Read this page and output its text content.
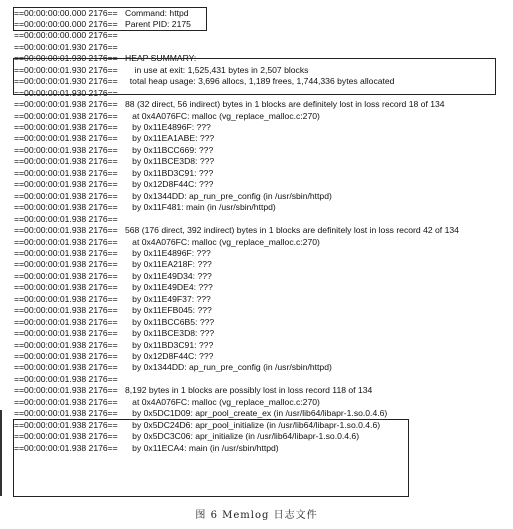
==00:00:00:00.000 2176== Command: httpd
==00:00:00:00.000 2176== Parent PID: 2175
==00:00:00:00.000 2176==
==00:00:00:01.930 2176==
==00:00:00:01.930 2176== HEAP SUMMARY:
==00:00:00:01.930 2176== in use at exit: 1,525,431 bytes in 2,507 blocks
==00:00:00:01.930 2176== total heap usage: 3,696 allocs, 1,189 frees, 1,744,336 bytes allocated
==00:00:00:01.930 2176==
==00:00:00:01.938 2176== 88 (32 direct, 56 indirect) bytes in 1 blocks are definitely lost in loss record 18 of 134
==00:00:00:01.938 2176== at 0x4A076FC: malloc (vg_replace_malloc.c:270)
==00:00:00:01.938 2176== by 0x11E4896F: ???
==00:00:00:01.938 2176== by 0x11EA1ABE: ???
==00:00:00:01.938 2176== by 0x11BCC669: ???
==00:00:00:01.938 2176== by 0x11BCE3D8: ???
==00:00:00:01.938 2176== by 0x11BD3C91: ???
==00:00:00:01.938 2176== by 0x12D8F44C: ???
==00:00:00:01.938 2176== by 0x1344DD: ap_run_pre_config (in /usr/sbin/httpd)
==00:00:00:01.938 2176== by 0x11F481: main (in /usr/sbin/httpd)
==00:00:00:01.938 2176==
==00:00:00:01.938 2176== 568 (176 direct, 392 indirect) bytes in 1 blocks are definitely lost in loss record 42 of 134
==00:00:00:01.938 2176== at 0x4A076FC: malloc (vg_replace_malloc.c:270)
==00:00:00:01.938 2176== by 0x11E4896F: ???
==00:00:00:01.938 2176== by 0x11EA218F: ???
==00:00:00:01.938 2176== by 0x11E49D34: ???
==00:00:00:01.938 2176== by 0x11E49DE4: ???
==00:00:00:01.938 2176== by 0x11E49F37: ???
==00:00:00:01.938 2176== by 0x11EFB045: ???
==00:00:00:01.938 2176== by 0x11BCC6B5: ???
==00:00:00:01.938 2176== by 0x11BCE3D8: ???
==00:00:00:01.938 2176== by 0x11BD3C91: ???
==00:00:00:01.938 2176== by 0x12D8F44C: ???
==00:00:00:01.938 2176== by 0x1344DD: ap_run_pre_config (in /usr/sbin/httpd)
==00:00:00:01.938 2176==
==00:00:00:01.938 2176== 8,192 bytes in 1 blocks are possibly lost in loss record 118 of 134
==00:00:00:01.938 2176== at 0x4A076FC: malloc (vg_replace_malloc.c:270)
==00:00:00:01.938 2176== by 0x5DC1D09: apr_pool_create_ex (in /usr/lib64/libapr-1.so.0.4.6)
==00:00:00:01.938 2176== by 0x5DC24D6: apr_pool_initialize (in /usr/lib64/libapr-1.so.0.4.6)
==00:00:00:01.938 2176== by 0x5DC3C06: apr_initialize (in /usr/lib64/libapr-1.so.0.4.6)
==00:00:00:01.938 2176== by 0x11ECA4: main (in /usr/sbin/httpd)
图 6 Memlog 日志文件
